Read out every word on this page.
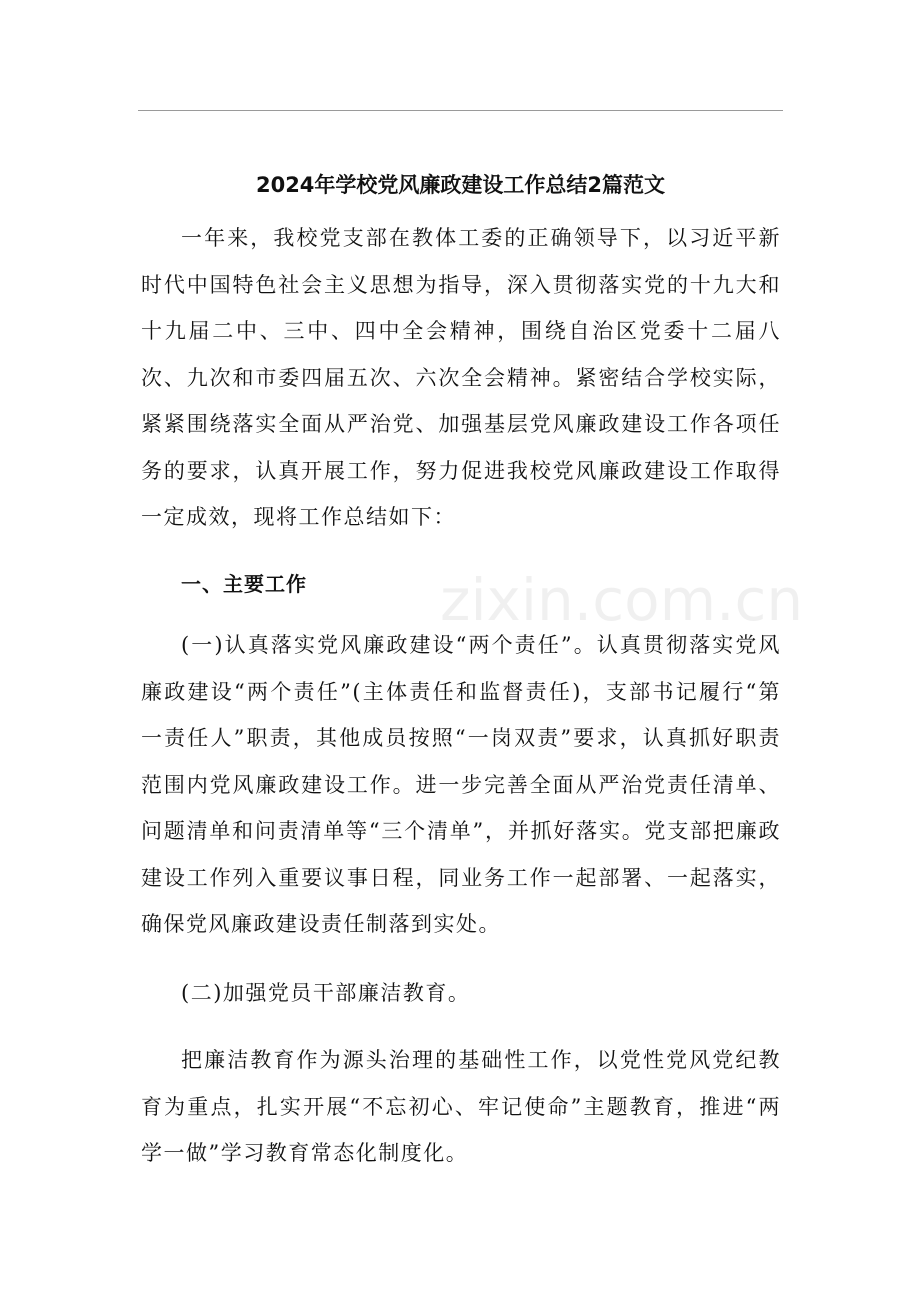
2024年学校党风廉政建设工作总结2篇范文

一年来，我校党支部在教体工委的正确领导下，以习近平新时代中国特色社会主义思想为指导，深入贯彻落实党的十九大和十九届二中、三中、四中全会精神，围绕自治区党委十二届八次、九次和市委四届五次、六次全会精神。紧密结合学校实际，紧紧围绕落实全面从严治党、加强基层党风廉政建设工作各项任务的要求，认真开展工作，努力促进我校党风廉政建设工作取得一定成效，现将工作总结如下：

一、主要工作

(一)认真落实党风廉政建设“两个责任”。认真贯彻落实党风廉政建设“两个责任”(主体责任和监督责任)，支部书记履行“第一责任人”职责，其他成员按照“一岗双责”要求，认真抓好职责范围内党风廉政建设工作。进一步完善全面从严治党责任清单、问题清单和问责清单等“三个清单”，并抓好落实。党支部把廉政建设工作列入重要议事日程，同业务工作一起部署、一起落实，确保党风廉政建设责任制落到实处。

(二)加强党员干部廉洁教育。

把廉洁教育作为源头治理的基础性工作，以党性党风党纪教育为重点，扎实开展“不忘初心、牢记使命”主题教育，推进“两学一做”学习教育常态化制度化。

zixin.com.cn
